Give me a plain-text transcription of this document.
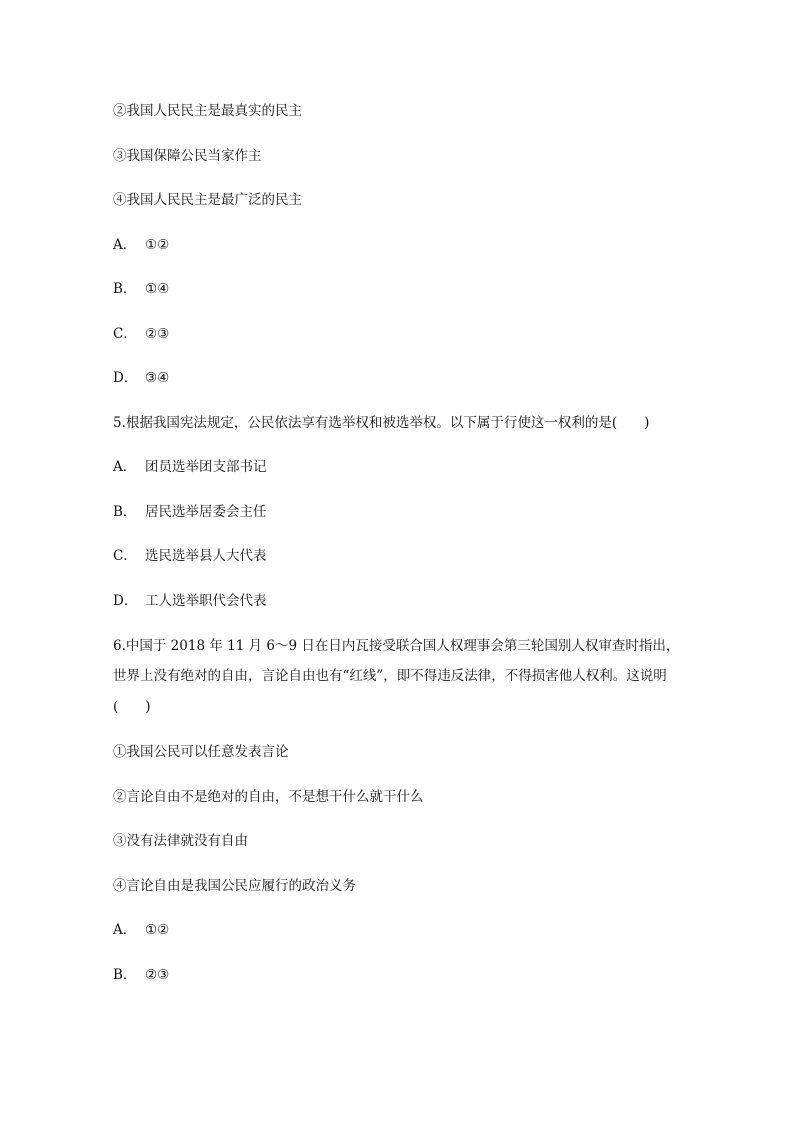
②我国人民民主是最真实的民主
③我国保障公民当家作主
④我国人民民主是最广泛的民主
A． ①②
B． ①④
C． ②③
D． ③④
5.根据我国宪法规定，公民依法享有选举权和被选举权。以下属于行使这一权利的是(　　)
A． 团员选举团支部书记
B． 居民选举居委会主任
C． 选民选举县人大代表
D． 工人选举职代会代表
6.中国于 2018 年 11 月 6～9 日在日内瓦接受联合国人权理事会第三轮国别人权审查时指出，
世界上没有绝对的自由，言论自由也有“红线”，即不得违反法律，不得损害他人权利。这说明
(　　)
①我国公民可以任意发表言论
②言论自由不是绝对的自由，不是想干什么就干什么
③没有法律就没有自由
④言论自由是我国公民应履行的政治义务
A． ①②
B． ②③
